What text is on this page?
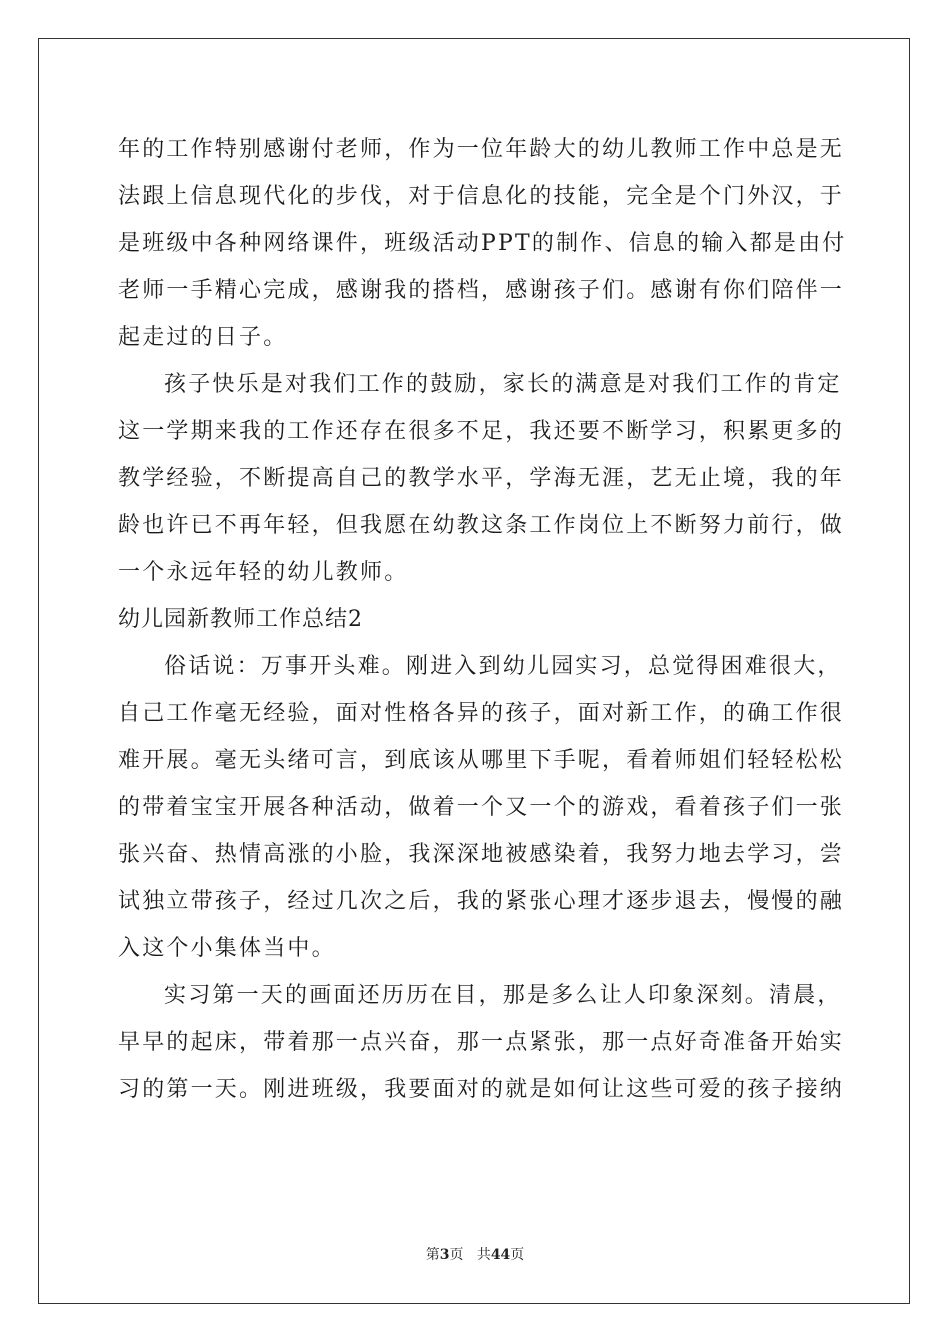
年的工作特别感谢付老师，作为一位年龄大的幼儿教师工作中总是无
法跟上信息现代化的步伐，对于信息化的技能，完全是个门外汉，于
是班级中各种网络课件，班级活动PPT的制作、信息的输入都是由付
老师一手精心完成，感谢我的搭档，感谢孩子们。感谢有你们陪伴一
起走过的日子。
孩子快乐是对我们工作的鼓励，家长的满意是对我们工作的肯定
这一学期来我的工作还存在很多不足，我还要不断学习，积累更多的
教学经验，不断提高自己的教学水平，学海无涯，艺无止境，我的年
龄也许已不再年轻，但我愿在幼教这条工作岗位上不断努力前行，做
一个永远年轻的幼儿教师。
幼儿园新教师工作总结2
俗话说：万事开头难。刚进入到幼儿园实习，总觉得困难很大，
自己工作毫无经验，面对性格各异的孩子，面对新工作，的确工作很
难开展。毫无头绪可言，到底该从哪里下手呢，看着师姐们轻轻松松
的带着宝宝开展各种活动，做着一个又一个的游戏，看着孩子们一张
张兴奋、热情高涨的小脸，我深深地被感染着，我努力地去学习，尝
试独立带孩子，经过几次之后，我的紧张心理才逐步退去，慢慢的融
入这个小集体当中。
实习第一天的画面还历历在目，那是多么让人印象深刻。清晨，
早早的起床，带着那一点兴奋，那一点紧张，那一点好奇准备开始实
习的第一天。刚进班级，我要面对的就是如何让这些可爱的孩子接纳
第3页 共44页
